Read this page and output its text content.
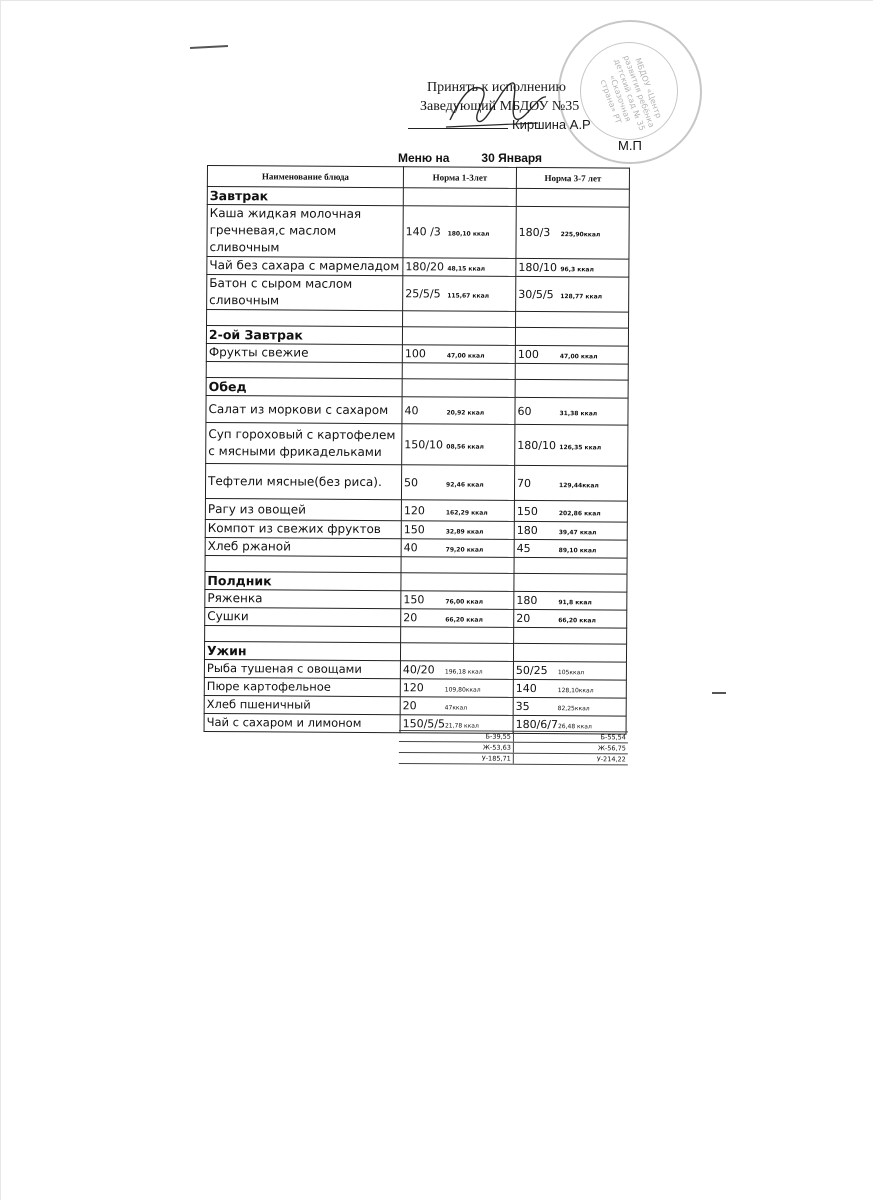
МБДОУ «Центр развития ребёнка детский сад № 35 «Сказочная страна» РТ
Принять к исполнению
Заведующий МБДОУ №35
Киршина А.Р
М.П
Меню на	30 Января
Наименование блюда	Норма 1-3лет	Норма 3-7 лет
Завтрак		
Каша жидкая молочная гречневая,с маслом сливочным	140 /3 180,10 ккал	180/3 225,90ккал
Чай без сахара с мармеладом	180/20 48,15 ккал	180/10 96,3 ккал
Батон с сыром маслом сливочным	25/5/5 115,67 ккал	30/5/5 128,77 ккал

2-ой Завтрак		
Фрукты свежие	100 47,00 ккал	100 47,00 ккал

Обед		
Салат из моркови с сахаром	40 20,92 ккал	60 31,38 ккал
Суп гороховый с картофелем с мясными фрикадельками	150/10 08,56 ккал	180/10 126,35 ккал
Тефтели мясные(без риса).	50 92,46 ккал	70 129,44ккал
Рагу из овощей	120 162,29 ккал	150 202,86 ккал
Компот из свежих фруктов	150 32,89 ккал	180 39,47 ккал
Хлеб ржаной	40 79,20 ккал	45 89,10 ккал

Полдник		
Ряженка	150 76,00 ккал	180 91,8 ккал
Сушки	20 66,20 ккал	20 66,20 ккал

Ужин		
Рыба тушеная с овощами	40/20 196,18 ккал	50/25 105ккал
Пюре картофельное	120 109,80ккал	140 128,10ккал
Хлеб пшеничный	20 47ккал	35 82,25ккал
Чай с сахаром и лимоном	150/5/521,78 ккал	180/6/726,48 ккал
Б-39,55	Б-55,54
Ж-53,63	Ж-56,75
У-185,71	У-214,22
